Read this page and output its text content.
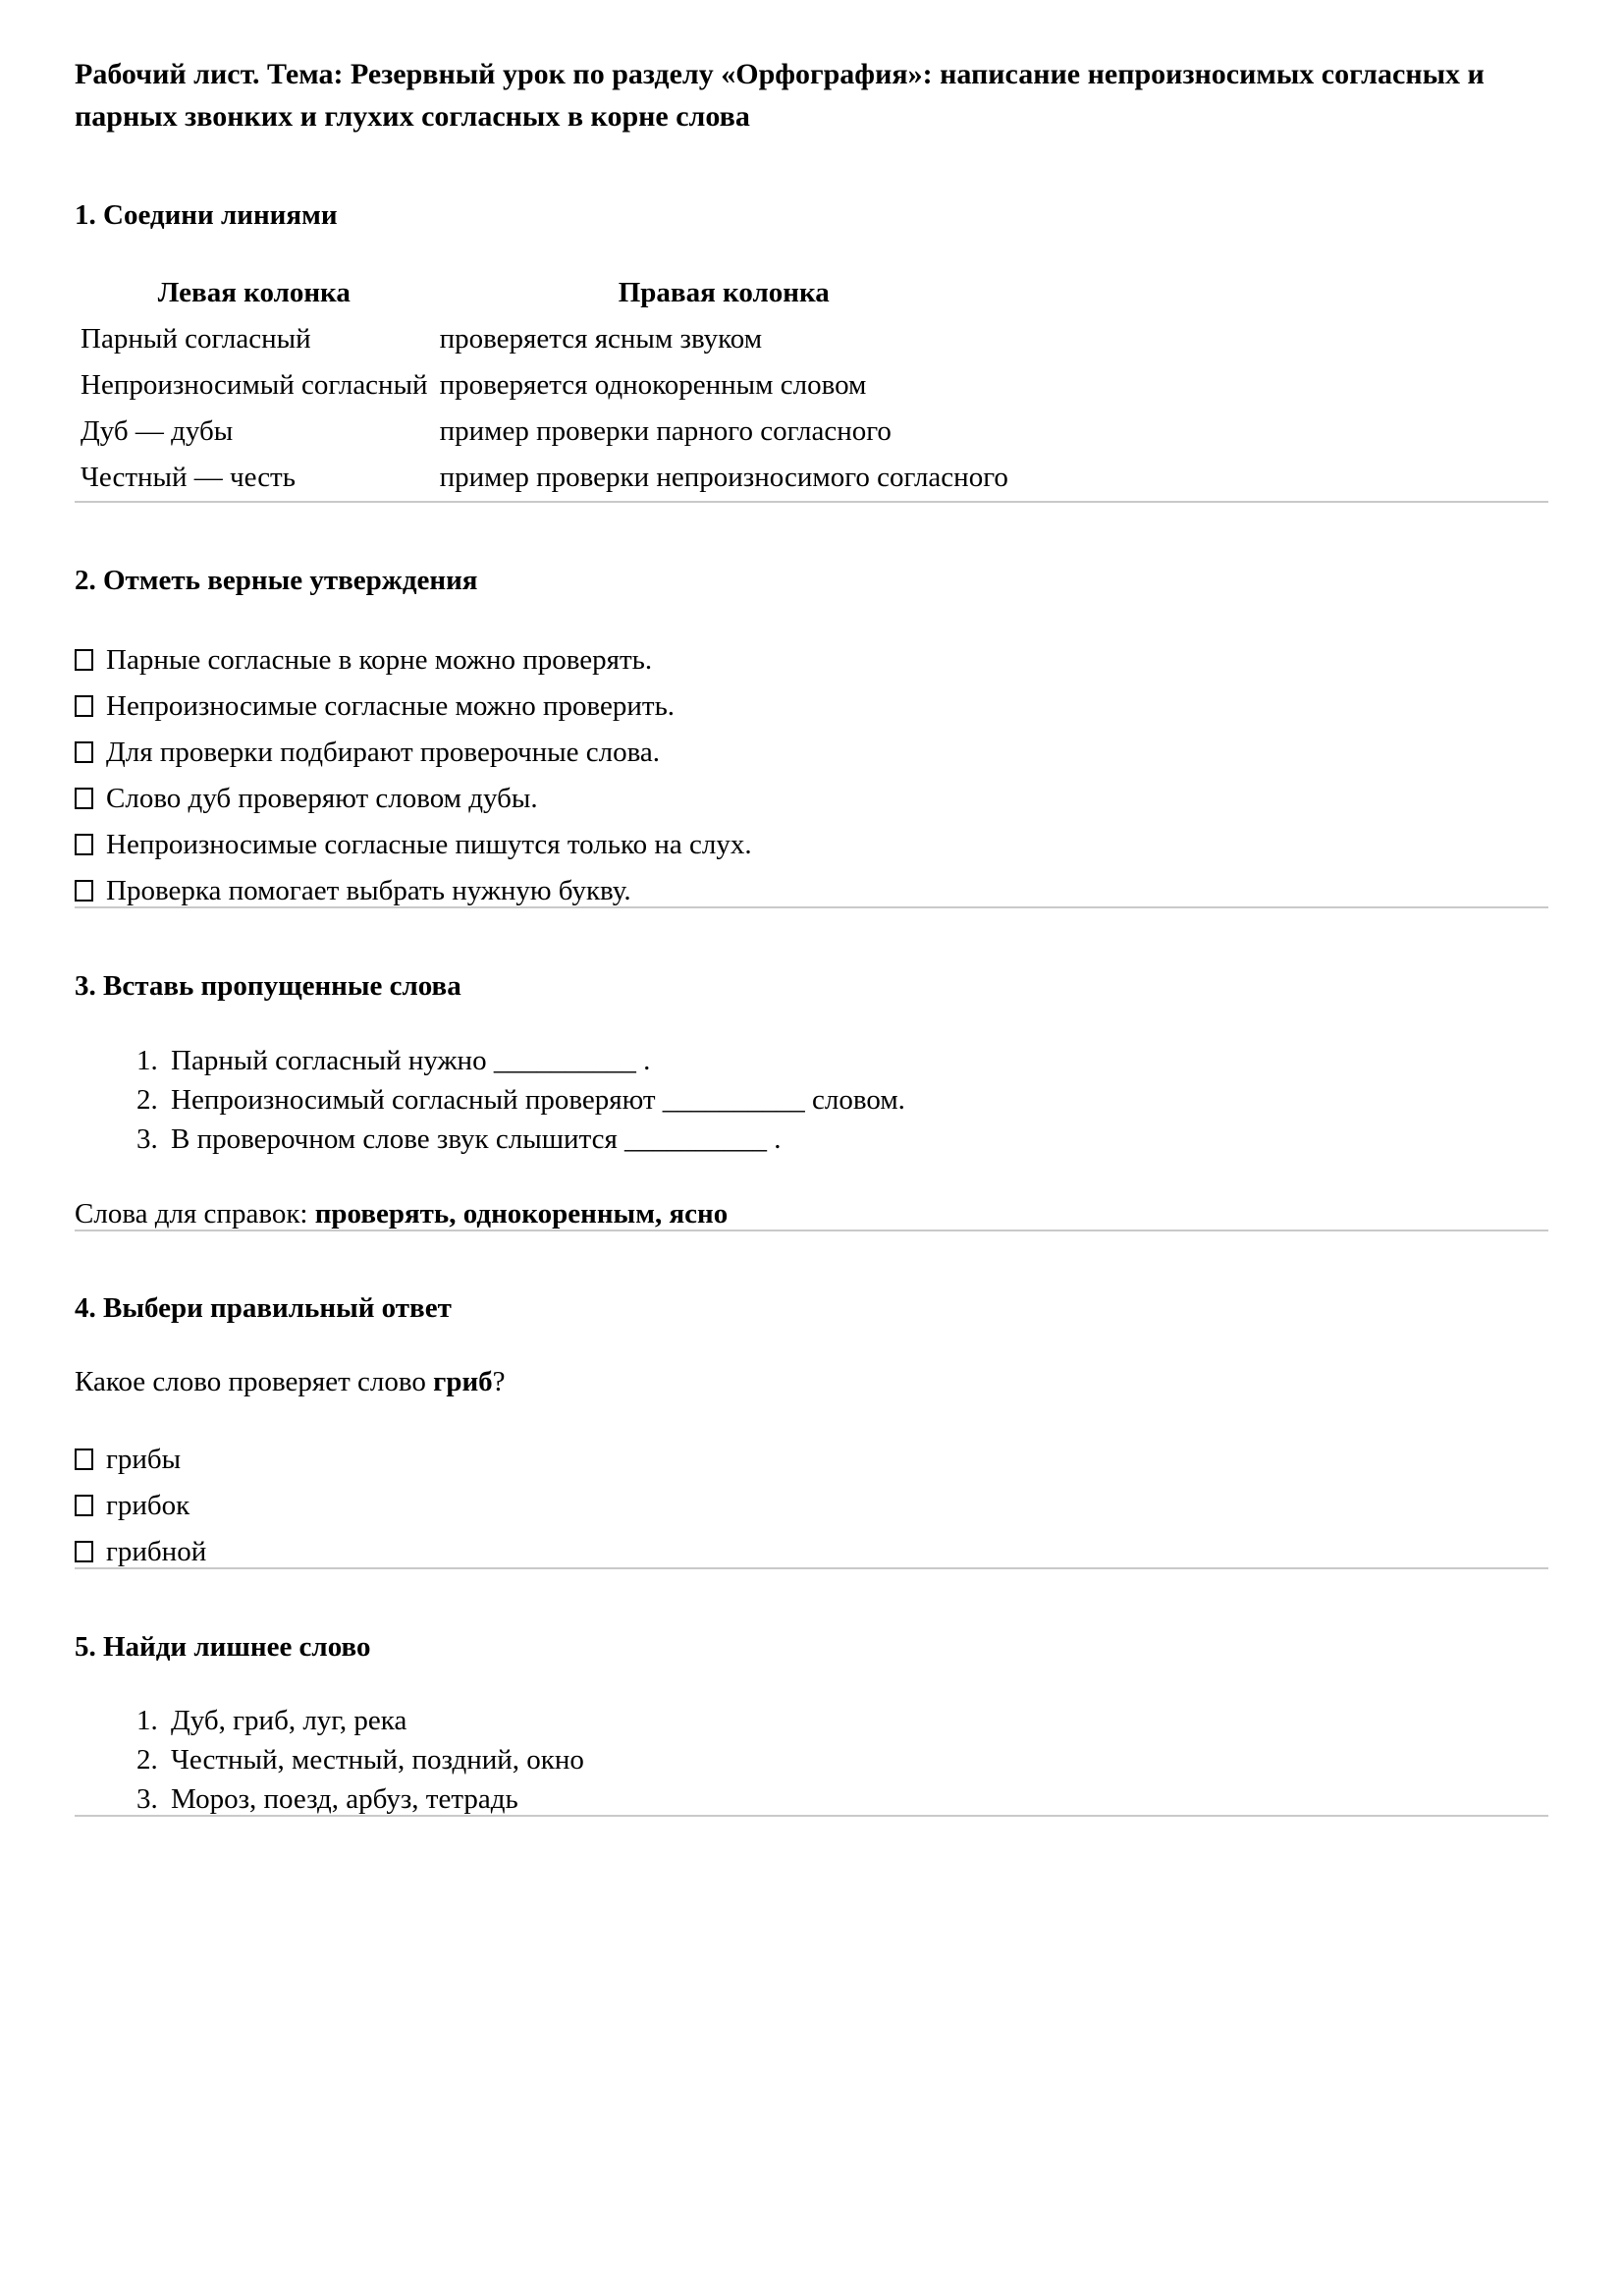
Рабочий лист. Тема: Резервный урок по разделу «Орфография»: написание непроизносимых согласных и парных звонких и глухих согласных в корне слова
1. Соедини линиями
Левая колонка	Правая колонка
Парный согласный	проверяется ясным звуком
Непроизносимый согласный	проверяется однокоренным словом
Дуб — дубы	пример проверки парного согласного
Честный — честь	пример проверки непроизносимого согласного
2. Отметь верные утверждения
Парные согласные в корне можно проверять.
Непроизносимые согласные можно проверить.
Для проверки подбирают проверочные слова.
Слово дуб проверяют словом дубы.
Непроизносимые согласные пишутся только на слух.
Проверка помогает выбрать нужную букву.
3. Вставь пропущенные слова
1. Парный согласный нужно __________ .
2. Непроизносимый согласный проверяют __________ словом.
3. В проверочном слове звук слышится __________ .

Слова для справок: проверять, однокоренным, ясно

4. Выбери правильный ответ

Какое слово проверяет слово гриб?

грибы
грибок
грибной
5. Найди лишнее слово
1. Дуб, гриб, луг, река
2. Честный, местный, поздний, окно
3. Мороз, поезд, арбуз, тетрадь
